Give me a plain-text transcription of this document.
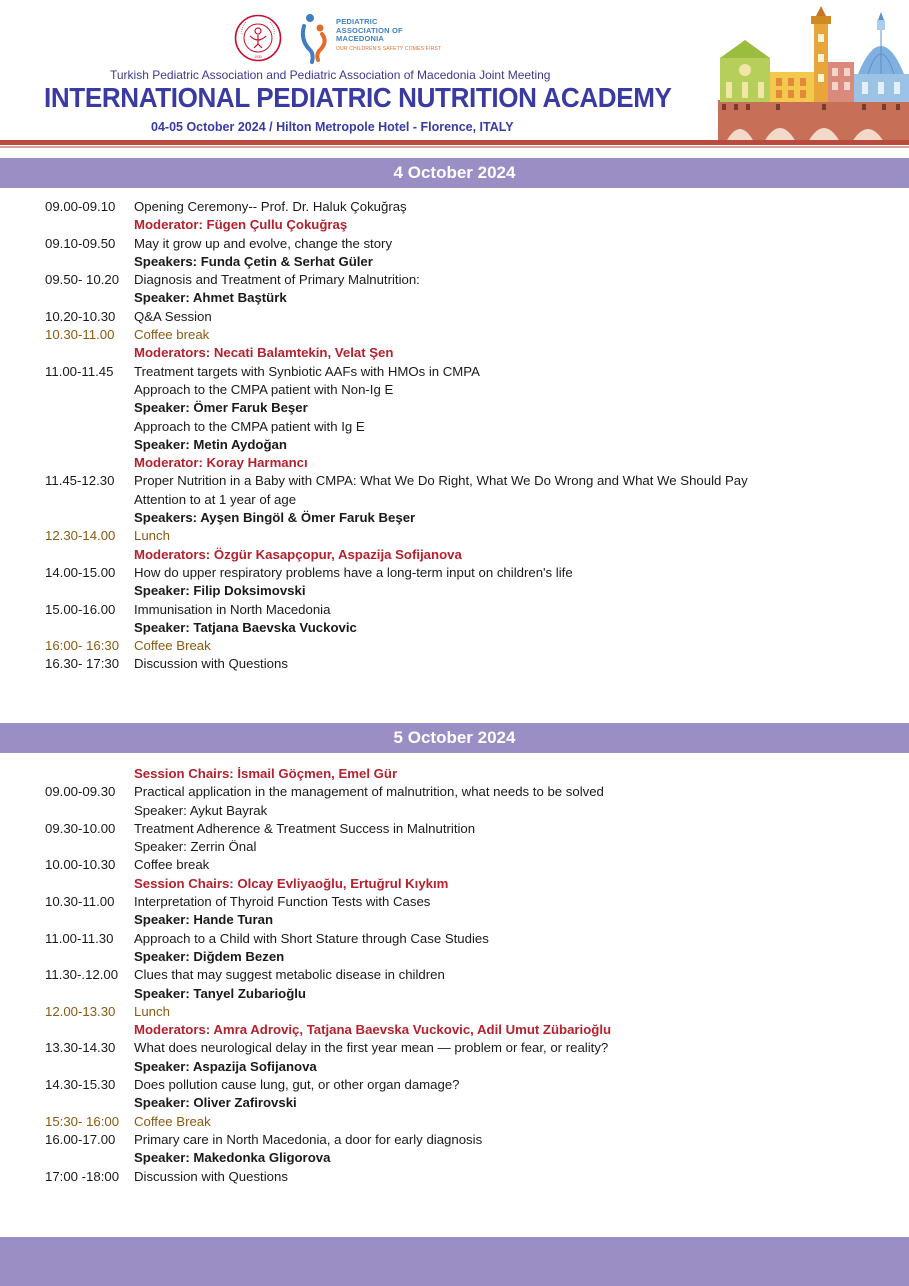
1930
PEDIATRIC
ASSOCIATION OF
MACEDONIA
OUR CHILDREN'S SAFETY COMES FIRST
Turkish Pediatric Association and Pediatric Association of Macedonia Joint Meeting
INTERNATIONAL PEDIATRIC NUTRITION ACADEMY
04-05 October 2024 / Hilton Metropole Hotel - Florence, ITALY
4 October 2024
09.00-09.10 Opening Ceremony-- Prof. Dr. Haluk Çokuğraş
Moderator: Fügen Çullu Çokuğraş
09.10-09.50 May it grow up and evolve, change the story
Speakers: Funda Çetin & Serhat Güler
09.50- 10.20 Diagnosis and Treatment of Primary Malnutrition:
Speaker: Ahmet Baştürk
10.20-10.30 Q&A Session
10.30-11.00 Coffee break
Moderators: Necati Balamtekin, Velat Şen
11.00-11.45 Treatment targets with Synbiotic AAFs with HMOs in CMPA
Approach to the CMPA patient with Non-Ig E
Speaker: Ömer Faruk Beşer
Approach to the CMPA patient with Ig E
Speaker: Metin Aydoğan
Moderator: Koray Harmancı
11.45-12.30 Proper Nutrition in a Baby with CMPA: What We Do Right, What We Do Wrong and What We Should Pay
Attention to at 1 year of age
Speakers: Ayşen Bingöl & Ömer Faruk Beşer
12.30-14.00 Lunch
Moderators: Özgür Kasapçopur, Aspazija Sofijanova
14.00-15.00 How do upper respiratory problems have a long-term input on children's life
Speaker: Filip Doksimovski
15.00-16.00 Immunisation in North Macedonia
Speaker: Tatjana Baevska Vuckovic
16:00- 16:30 Coffee Break
16.30- 17:30 Discussion with Questions
5 October 2024
Session Chairs: İsmail Göçmen, Emel Gür
09.00-09.30 Practical application in the management of malnutrition, what needs to be solved
Speaker: Aykut Bayrak
09.30-10.00 Treatment Adherence & Treatment Success in Malnutrition
Speaker: Zerrin Önal
10.00-10.30 Coffee break
Session Chairs: Olcay Evliyaoğlu, Ertuğrul Kıykım
10.30-11.00 Interpretation of Thyroid Function Tests with Cases
Speaker: Hande Turan
11.00-11.30 Approach to a Child with Short Stature through Case Studies
Speaker: Diğdem Bezen
11.30-.12.00 Clues that may suggest metabolic disease in children
Speaker: Tanyel Zubarioğlu
12.00-13.30 Lunch
Moderators: Amra Adroviç, Tatjana Baevska Vuckovic, Adil Umut Zübarioğlu
13.30-14.30 What does neurological delay in the first year mean — problem or fear, or reality?
Speaker: Aspazija Sofijanova
14.30-15.30 Does pollution cause lung, gut, or other organ damage?
Speaker: Oliver Zafirovski
15:30- 16:00 Coffee Break
16.00-17.00 Primary care in North Macedonia, a door for early diagnosis
Speaker: Makedonka Gligorova
17:00 -18:00 Discussion with Questions
